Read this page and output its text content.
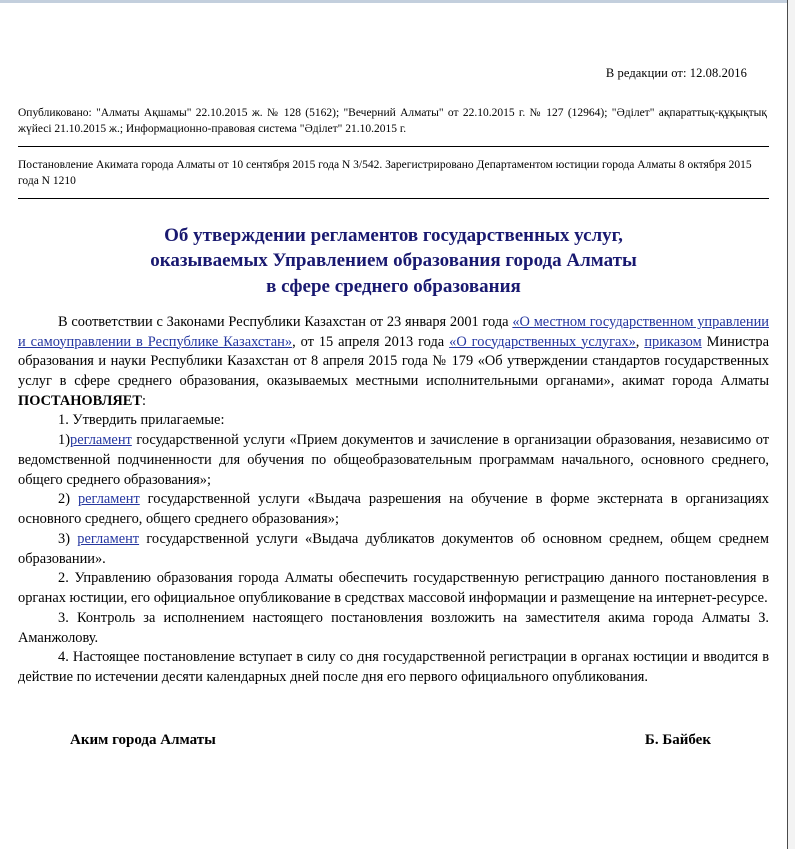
В редакции от: 12.08.2016
Опубликовано: "Алматы Ақшамы" 22.10.2015 ж. № 128 (5162); "Вечерний Алматы" от 22.10.2015 г. № 127 (12964); "Әділет" ақпараттық-құқықтық жүйесi 21.10.2015 ж.; Информационно-правовая система "Әділет" 21.10.2015 г.
Постановление Акимата города Алматы от 10 сентября 2015 года N 3/542. Зарегистрировано Департаментом юстиции города Алматы 8 октября 2015 года N 1210
Об утверждении регламентов государственных услуг,
оказываемых Управлением образования города Алматы
в сфере среднего образования

В соответствии с Законами Республики Казахстан от 23 января 2001 года «О местном государственном управлении и самоуправлении в Республике Казахстан», от 15 апреля 2013 года «О государственных услугах», приказом Министра образования и науки Республики Казахстан от 8 апреля 2015 года № 179 «Об утверждении стандартов государственных услуг в сфере среднего образования, оказываемых местными исполнительными органами», акимат города Алматы ПОСТАНОВЛЯЕТ:

1. Утвердить прилагаемые:

1)регламент государственной услуги «Прием документов и зачисление в организации образования, независимо от ведомственной подчиненности для обучения по общеобразовательным программам начального, основного среднего, общего среднего образования»;

2) регламент государственной услуги «Выдача разрешения на обучение в форме экстерната в организациях основного среднего, общего среднего образования»;

3) регламент государственной услуги «Выдача дубликатов документов об основном среднем, общем среднем образовании».

2. Управлению образования города Алматы обеспечить государственную регистрацию данного постановления в органах юстиции, его официальное опубликование в средствах массовой информации и размещение на интернет-ресурсе.

3. Контроль за исполнением настоящего постановления возложить на заместителя акима города Алматы З. Аманжолову.

4. Настоящее постановление вступает в силу со дня государственной регистрации в органах юстиции и вводится в действие по истечении десяти календарных дней после дня его первого официального опубликования.

Аким города Алматы	Б. Байбек
